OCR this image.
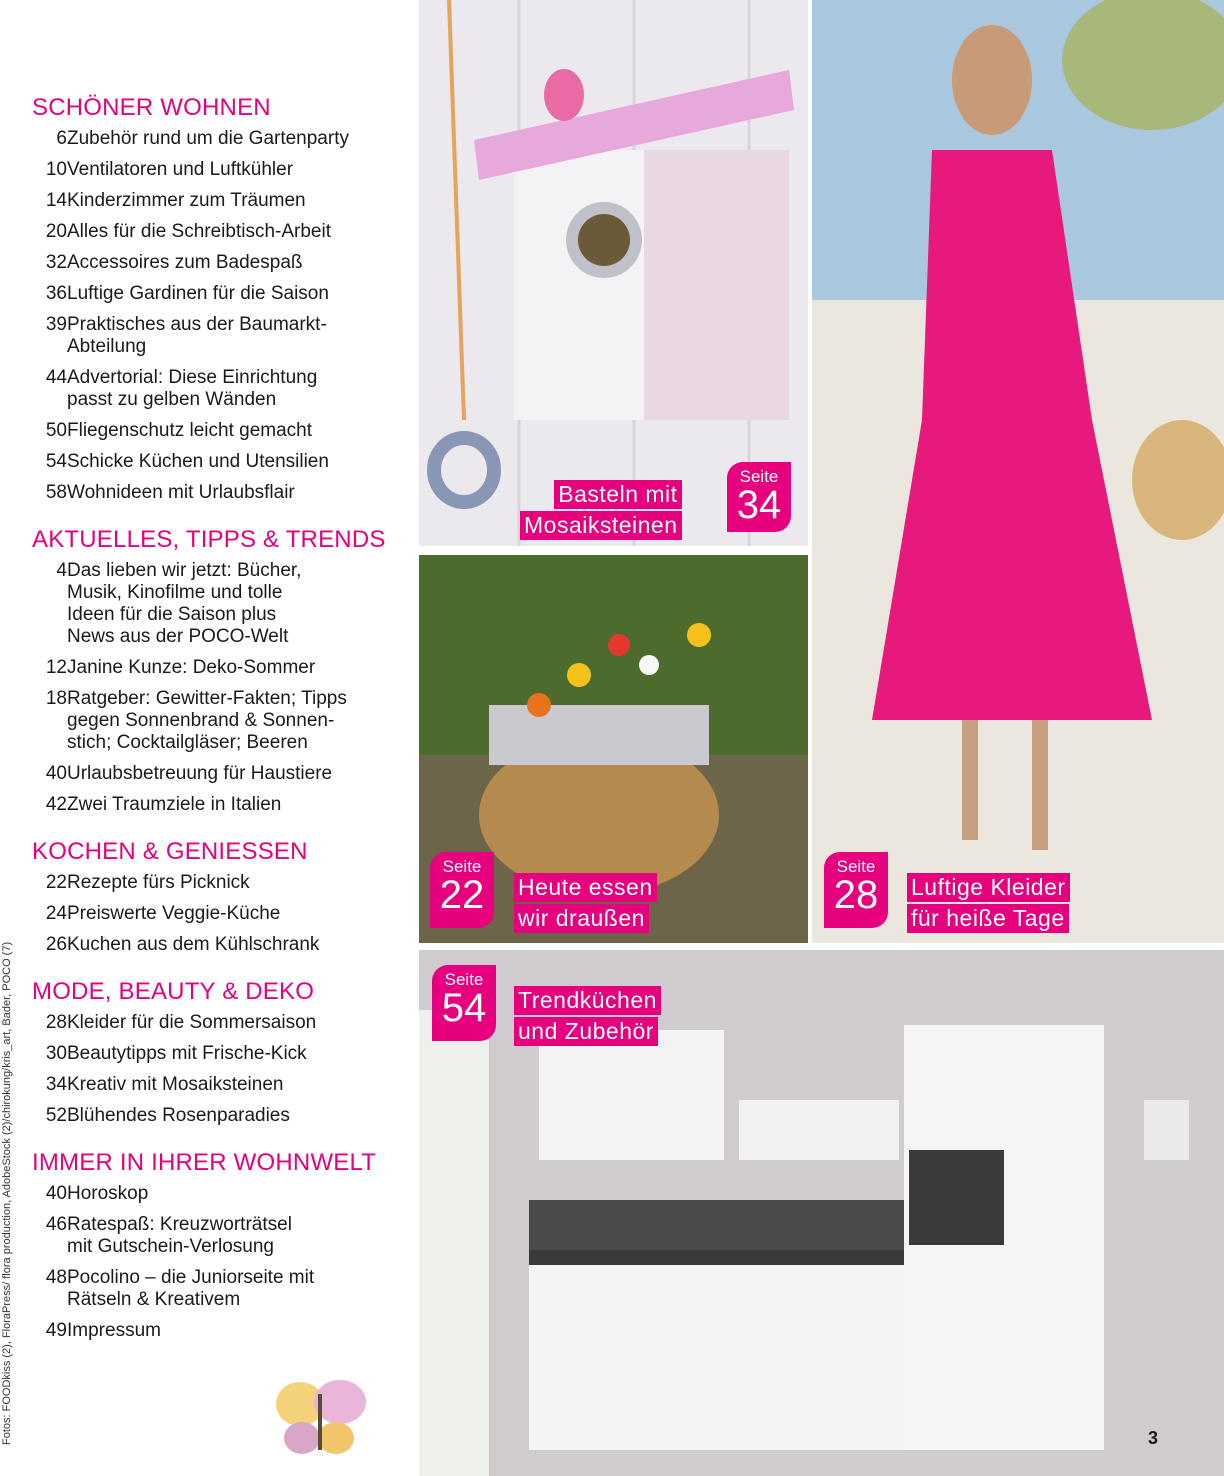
SCHÖNER WOHNEN
6 Zubehör rund um die Gartenparty
10 Ventilatoren und Luftkühler
14 Kinderzimmer zum Träumen
20 Alles für die Schreibtisch-Arbeit
32 Accessoires zum Badespaß
36 Luftige Gardinen für die Saison
39 Praktisches aus der Baumarkt-
Abteilung
44 Advertorial: Diese Einrichtung
passt zu gelben Wänden
50 Fliegenschutz leicht gemacht
54 Schicke Küchen und Utensilien
58 Wohnideen mit Urlaubsflair
AKTUELLES, TIPPS & TRENDS
4 Das lieben wir jetzt: Bücher,
Musik, Kinofilme und tolle
Ideen für die Saison plus
News aus der POCO-Welt
12 Janine Kunze: Deko-Sommer
18 Ratgeber: Gewitter-Fakten; Tipps
gegen Sonnenbrand & Sonnen-
stich; Cocktailgläser; Beeren
40 Urlaubsbetreuung für Haustiere
42 Zwei Traumziele in Italien
KOCHEN & GENIESSEN
22 Rezepte fürs Picknick
24 Preiswerte Veggie-Küche
26 Kuchen aus dem Kühlschrank
MODE, BEAUTY & DEKO
28 Kleider für die Sommersaison
30 Beautytipps mit Frische-Kick
34 Kreativ mit Mosaiksteinen
52 Blühendes Rosenparadies
IMMER IN IHRER WOHNWELT
40 Horoskop
46 Ratespaß: Kreuzworträtsel
mit Gutschein-Verlosung
48 Pocolino – die Juniorseite mit
Rätseln & Kreativem
49 Impressum
Fotos: FOODkiss (2), FloraPress/ flora production, AdobeStock (2)/chirokung/kris_art, Bader, POCO (7)
Basteln mit
Mosaiksteinen
Seite
34
Seite
22	Heute essen
wir draußen
Seite
28	Luftige Kleider
für heiße Tage
Seite
54	Trendküchen
und Zubehör
3
